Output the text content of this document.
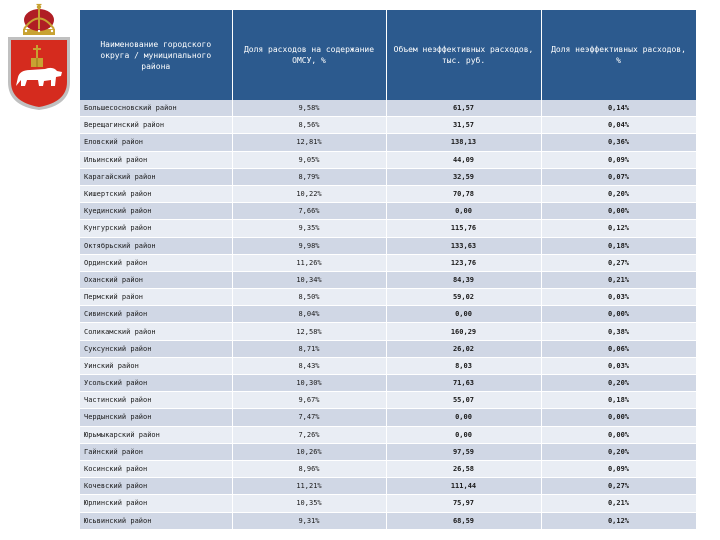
Наименование городского округа / муниципального района	Доля расходов на содержание ОМСУ, %	Объем неэффективных расходов, тыс. руб.	Доля неэффективных расходов, %
Большесосновский район	9,58%	61,57	0,14%
Верещагинский район	8,56%	31,57	0,04%
Еловский район	12,81%	138,13	0,36%
Ильинский район	9,05%	44,09	0,09%
Карагайский район	8,79%	32,59	0,07%
Кишертский район	10,22%	70,78	0,20%
Куединский район	7,66%	0,00	0,00%
Кунгурский район	9,35%	115,76	0,12%
Октябрьский район	9,98%	133,63	0,18%
Ординский район	11,26%	123,76	0,27%
Оханский район	10,34%	84,39	0,21%
Пермский район	8,50%	59,02	0,03%
Сивинский район	8,04%	0,00	0,00%
Соликамский район	12,58%	160,29	0,38%
Суксунский район	8,71%	26,02	0,06%
Уинский район	8,43%	8,03	0,03%
Усольский район	10,30%	71,63	0,20%
Частинский район	9,67%	55,07	0,18%
Чердынский район	7,47%	0,00	0,00%
Юрьмыкарский район	7,26%	0,00	0,00%
Гайнский район	10,26%	97,59	0,20%
Косинский район	8,96%	26,58	0,09%
Кочевский район	11,21%	111,44	0,27%
Юрлинский район	10,35%	75,97	0,21%
Юсьвинский район	9,31%	68,59	0,12%
